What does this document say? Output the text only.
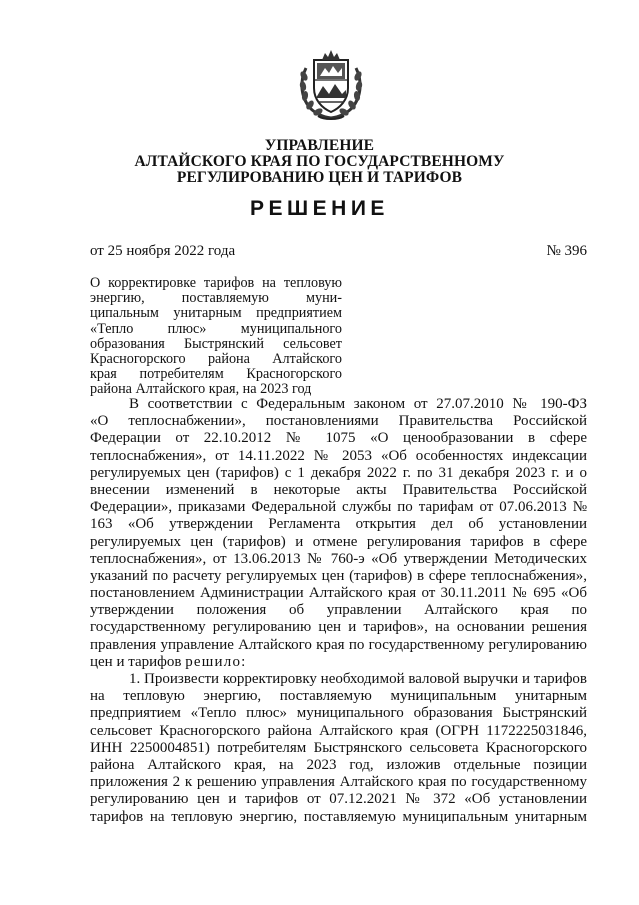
УПРАВЛЕНИЕ
АЛТАЙСКОГО КРАЯ ПО ГОСУДАРСТВЕННОМУ
РЕГУЛИРОВАНИЮ ЦЕН И ТАРИФОВ
РЕШЕНИЕ
от 25 ноября 2022 года	№ 396
О корректировке тарифов на тепловую
энергию, поставляемую муни-
ципальным унитарным предприятием
«Тепло плюс» муниципального
образования Быстрянский сельсовет
Красногорского района Алтайского
края потребителям Красногорского
района Алтайского края, на 2023 год
В соответствии с Федеральным законом от 27.07.2010 № 190-ФЗ
«О теплоснабжении», постановлениями Правительства Российской
Федерации от 22.10.2012 № 1075 «О ценообразовании в сфере
теплоснабжения», от 14.11.2022 № 2053 «Об особенностях индексации
регулируемых цен (тарифов) с 1 декабря 2022 г. по 31 декабря 2023 г. и о
внесении изменений в некоторые акты Правительства Российской
Федерации», приказами Федеральной службы по тарифам от 07.06.2013 №
163 «Об утверждении Регламента открытия дел об установлении
регулируемых цен (тарифов) и отмене регулирования тарифов в сфере
теплоснабжения», от 13.06.2013 № 760-э «Об утверждении Методических
указаний по расчету регулируемых цен (тарифов) в сфере теплоснабжения»,
постановлением Администрации Алтайского края от 30.11.2011 № 695 «Об
утверждении положения об управлении Алтайского края по
государственному регулированию цен и тарифов», на основании решения
правления управление Алтайского края по государственному регулированию
цен и тарифов решило:
1. Произвести корректировку необходимой валовой выручки и тарифов
на тепловую энергию, поставляемую муниципальным унитарным
предприятием «Тепло плюс» муниципального образования Быстрянский
сельсовет Красногорского района Алтайского края (ОГРН 1172225031846,
ИНН 2250004851) потребителям Быстрянского сельсовета Красногорского
района Алтайского края, на 2023 год, изложив отдельные позиции
приложения 2 к решению управления Алтайского края по государственному
регулированию цен и тарифов от 07.12.2021 № 372 «Об установлении
тарифов на тепловую энергию, поставляемую муниципальным унитарным
